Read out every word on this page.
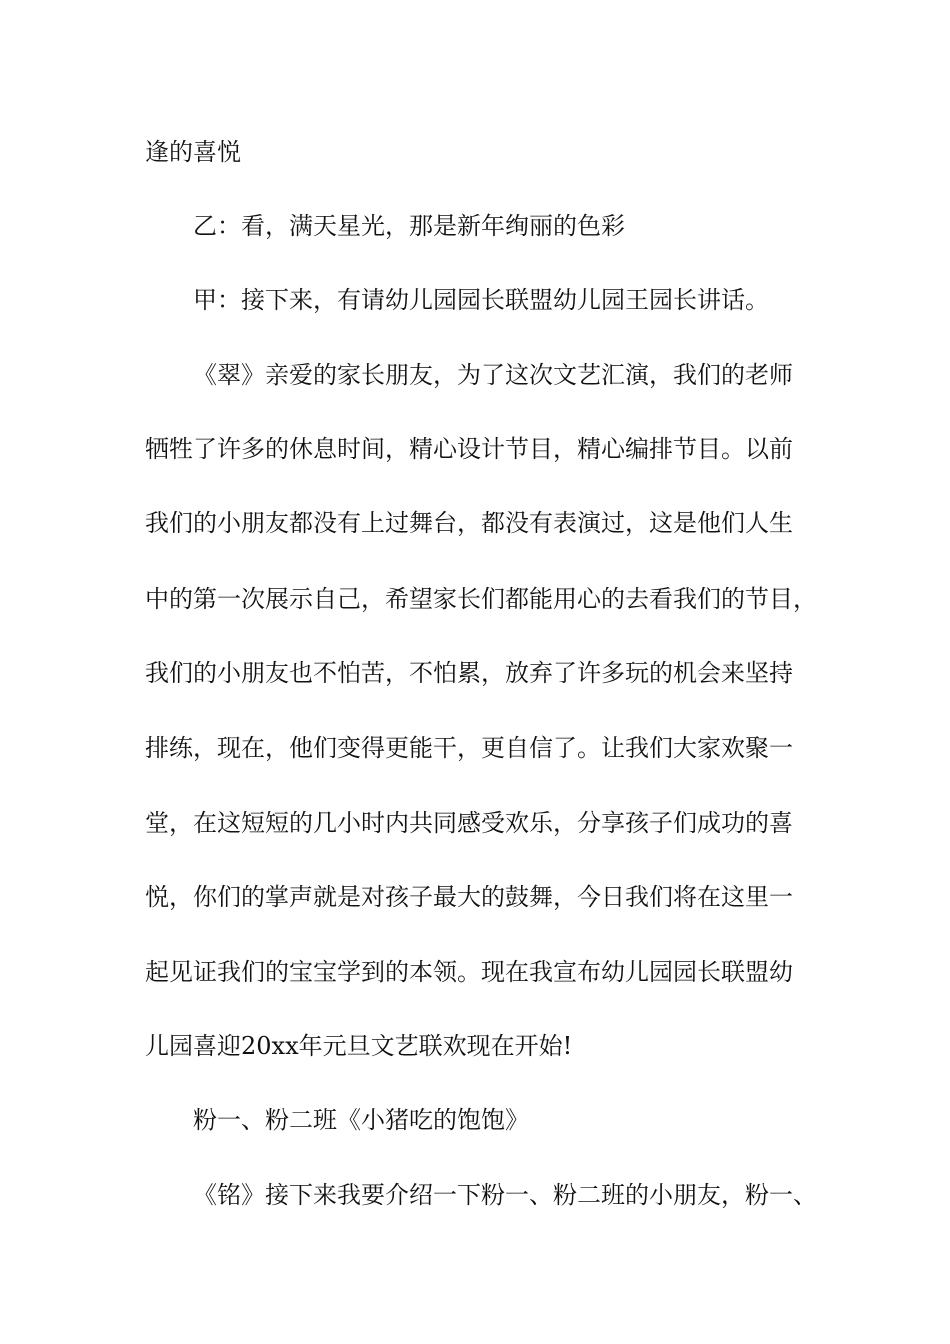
逢的喜悦
乙：看，满天星光，那是新年绚丽的色彩
甲：接下来，有请幼儿园园长联盟幼儿园王园长讲话。
《翠》亲爱的家长朋友，为了这次文艺汇演，我们的老师
牺牲了许多的休息时间，精心设计节目，精心编排节目。以前
我们的小朋友都没有上过舞台，都没有表演过，这是他们人生
中的第一次展示自己，希望家长们都能用心的去看我们的节目，
我们的小朋友也不怕苦，不怕累，放弃了许多玩的机会来坚持
排练，现在，他们变得更能干，更自信了。让我们大家欢聚一
堂，在这短短的几小时内共同感受欢乐，分享孩子们成功的喜
悦，你们的掌声就是对孩子最大的鼓舞，今日我们将在这里一
起见证我们的宝宝学到的本领。现在我宣布幼儿园园长联盟幼
儿园喜迎20xx年元旦文艺联欢现在开始!
粉一、粉二班《小猪吃的饱饱》
《铭》接下来我要介绍一下粉一、粉二班的小朋友，粉一、
